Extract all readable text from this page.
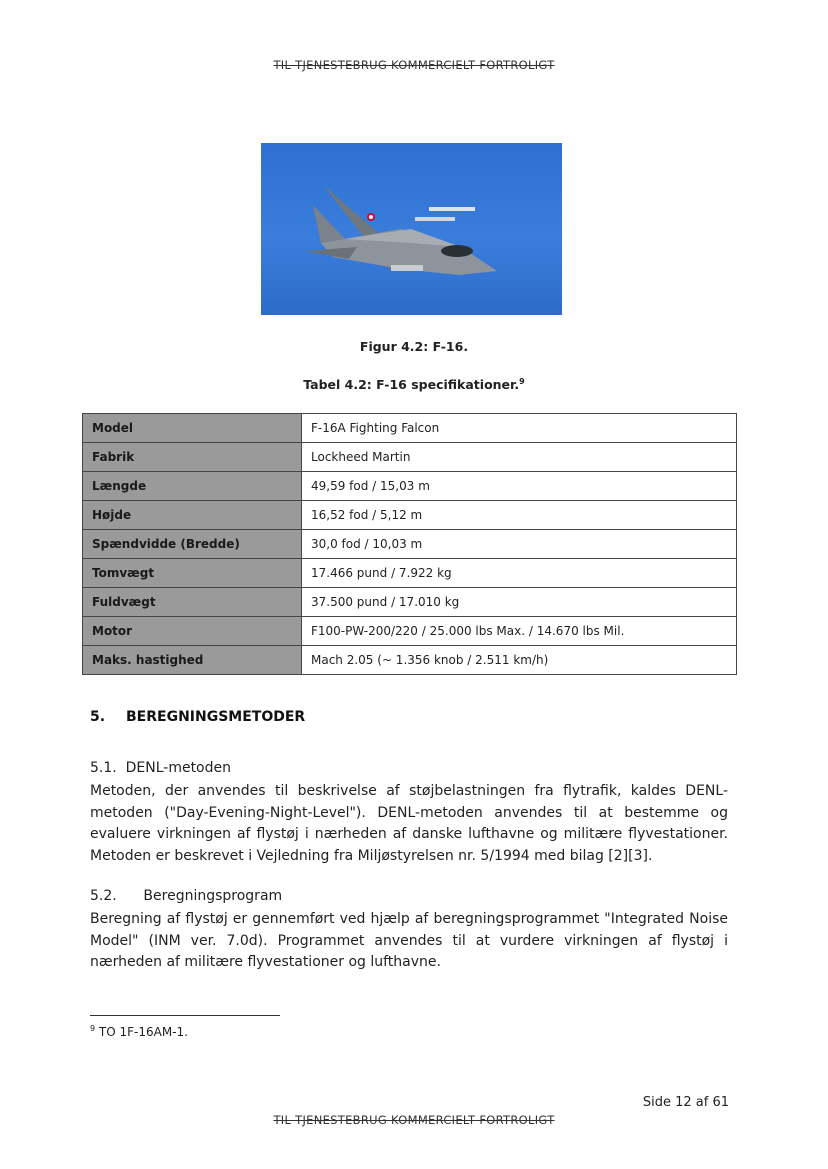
TIL TJENESTEBRUG KOMMERCIELT FORTROLIGT
Figur 4.2: F-16.
Tabel 4.2: F-16 specifikationer.$^9$
Model	F-16A Fighting Falcon
Fabrik	Lockheed Martin
Længde	49,59 fod / 15,03 m
Højde	16,52 fod / 5,12 m
Spændvidde (Bredde)	30,0 fod / 10,03 m
Tomvægt	17.466 pund / 7.922 kg
Fuldvægt	37.500 pund / 17.010 kg
Motor	F100-PW-200/220 / 25.000 lbs Max. / 14.670 lbs Mil.
Maks. hastighed	Mach 2.05 (~ 1.356 knob / 2.511 km/h)
5. BEREGNINGSMETODER
5.1.  DENL-metoden

Metoden, der anvendes til beskrivelse af støjbelastningen fra flytrafik, kaldes DENL-metoden ("Day-Evening-Night-Level"). DENL-metoden anvendes til at bestemme og evaluere virkningen af flystøj i nærheden af danske lufthavne og militære flyvestationer. Metoden er beskrevet i Vejledning fra Miljøstyrelsen nr. 5/1994 med bilag [2][3].

5.2.      Beregningsprogram

Beregning af flystøj er gennemført ved hjælp af beregningsprogrammet "Integrated Noise Model" (INM ver. 7.0d). Programmet anvendes til at vurdere virkningen af flystøj i nærheden af militære flyvestationer og lufthavne.

$^9$ TO 1F-16AM-1.
Side 12 af 61
TIL TJENESTEBRUG KOMMERCIELT FORTROLIGT
